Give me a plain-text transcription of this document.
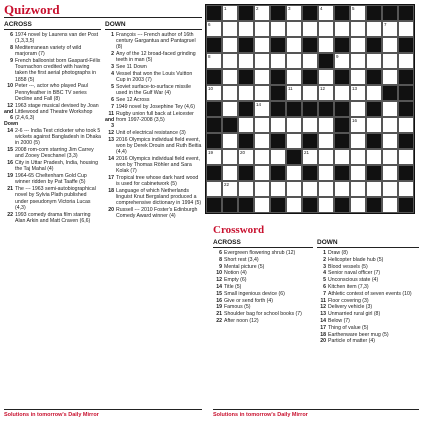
Quizword
ACROSS
6 1974 novel by Laurens van der Post (1,3,3,5)
8 Mediterranean variety of wild marjoram (7)
9 French balloonist born Gaspard-Félix Tournachon credited with having taken the first aerial photographs in 1858 (5)
10 Peter ---, actor who played Paul Pennyfeather in BBC TV series Decline and Fall (8)
12 and 6 Down
1963 stage musical devised by Joan Littlewood and Theatre Workshop (2,4,6,3)
14 2-6 --- India Test cricketer who took 5 wickets against Bangladesh in Dhaka in 2000 (5)
15 2008 rom-com starring Jim Carrey and Zooey Deschanel (3,3)
16 City in Uttar Pradesh, India, housing the Taj Mahal (4)
19 1964-65 Cheltenham Gold Cup winner ridden by Pat Taaffe (5)
21 The --- 1963 semi-autobiographical novel by Sylvia Plath published under pseudonym Victoria Lucas (4,3)
22 1993 comedy drama film starring Alan Arkin and Matt Craven (6,6)
DOWN
1 François --- French author of 16th century Gargantua and Pantagruel (8)
2 Any of the 12 broad-faced grinding teeth in man (5)
3 See 11 Down
4 Vessel that won the Louis Vuitton Cup in 2003 (7)
5 Soviet surface-to-surface missile used in the Gulf War (4)
6 See 12 Across
7 1949 novel by Josephine Tey (4,6)
11 and 3
Rugby union full back at Leicester from 1997-2008 (3,5)
12 Unit of electrical resistance (3)
13 2016 Olympics individual field event, won by Derek Drouin and Ruth Beitia (4,4)
14 2016 Olympics individual field event, won by Thomas Röhler and Sara Kolak (7)
17 Tropical tree whose dark hard wood is used for cabinetwork (5)
18 Language of which Netherlands linguist Knut Bergsland produced a comprehensive dictionary in 1994 (5)
20 Russell --- 2010 Foster's Edinburgh Comedy Award winner (4)
Solutions in tomorrow's Daily Mirror
1	2	3	4	5
6	7
8	9
10	11	12	13
14
16
19	20	21
22
Crossword
ACROSS
6 Evergreen flowering shrub (12)
8 Short rest (3,4)
9 Mental picture (5)
10 Notion (4)
12 Empty (6)
14 Title (5)
15 Small ingenious device (6)
16 Give or send forth (4)
19 Famous (5)
21 Shoulder bag for school books (7)
22 After noon (12)
DOWN
1 Draw (8)
2 Helicopter blade hub (5)
3 Blood vessels (5)
4 Senior naval officer (7)
5 Unconscious state (4)
6 Kitchen item (7,3)
7 Athletic contest of seven events (10)
11 Floor covering (3)
12 Delivery vehicle (3)
13 Unmarried rural girl (8)
14 Below (7)
17 Thing of value (5)
18 Earthenware beer mug (5)
20 Particle of matter (4)
Solutions in tomorrow's Daily Mirror
